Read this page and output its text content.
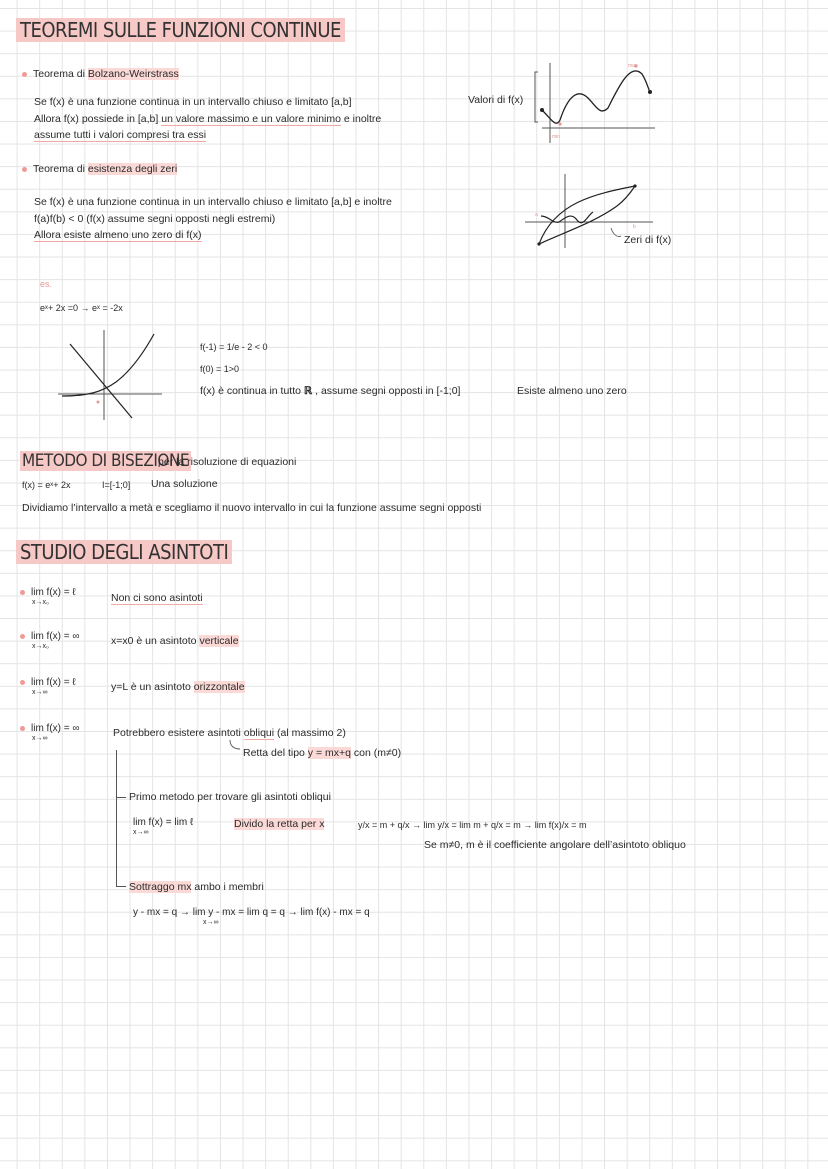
TEOREMI SULLE FUNZIONI CONTINUE
Teorema di Bolzano-Weirstrass
Se f(x) è una funzione continua in un intervallo chiuso e limitato [a,b]
Allora f(x) possiede in [a,b] un valore massimo e un valore minimo e inoltre
assume tutti i valori compresi tra essi
Valori di f(x)
max
min
Teorema di esistenza degli zeri
Se f(x) è una funzione continua in un intervallo chiuso e limitato [a,b] e inoltre
f(a)f(b) < 0 (f(x) assume segni opposti negli estremi)
Allora esiste almeno uno zero di f(x)
a
b
Zeri di f(x)
es.
eˣ+ 2x =0 → eˣ = -2x
f(-1) = 1/e - 2 < 0
f(0) = 1>0
f(x) è continua in tutto ℝ , assume segni opposti in [-1;0]	Esiste almeno uno zero
METODO DI BISEZIONE
per la risoluzione di equazioni
f(x) = eˣ+ 2x	I=[-1;0] Una soluzione
Dividiamo l’intervallo a metà e scegliamo il nuovo intervallo in cui la funzione assume segni opposti
STUDIO DEGLI ASINTOTI
lim f(x) = ℓ
x→x₀	Non ci sono asintoti
lim f(x) = ∞
x→x₀	x=x0 è un asintoto verticale
lim f(x) = ℓ
x→∞	y=L è un asintoto orizzontale
lim f(x) = ∞
x→∞	Potrebbero esistere asintoti obliqui (al massimo 2)
Retta del tipo y = mx+q con (m≠0)
Primo metodo per trovare gli asintoti obliqui
lim f(x) = lim ℓ
x→∞
Divido la retta per x	y/x = m + q/x → lim y/x = lim m + q/x = m → lim f(x)/x = m
Se m≠0, m è il coefficiente angolare dell’asintoto obliquo
Sottraggo mx ambo i membri
y - mx = q → lim y - mx = lim q = q → lim f(x) - mx = q
x→∞
